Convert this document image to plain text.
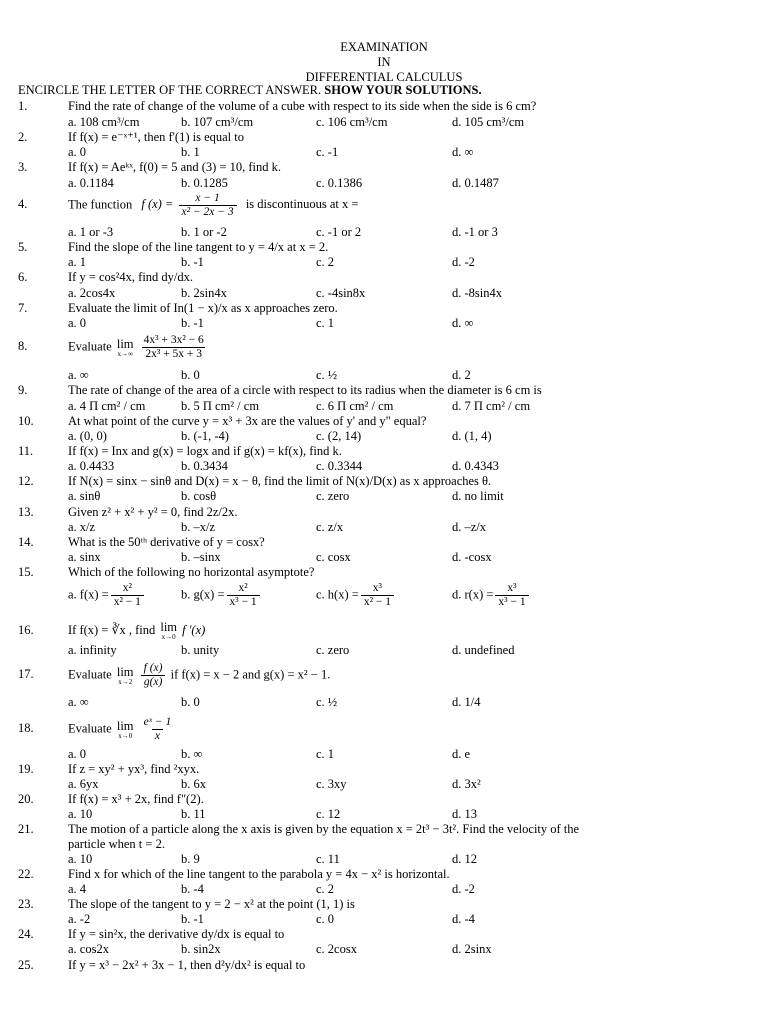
EXAMINATION
IN
DIFFERENTIAL CALCULUS
ENCIRCLE THE LETTER OF THE CORRECT ANSWER. SHOW YOUR SOLUTIONS.
1.	Find the rate of change of the volume of a cube with respect to its side when the side is 6 cm?
a. 108 cm³/cm	b. 107 cm³/cm	c. 106 cm³/cm	d. 105 cm³/cm
2.	If f(x) = e⁻ˣ⁺¹, then f'(1) is equal to
a. 0	b. 1	c. -1	d. ∞
3.	If f(x) = Aeᵏˣ, f(0) = 5 and (3) = 10, find k.
a. 0.1184	b. 0.1285	c. 0.1386	d. 0.1487
4.	The function f $(x) = \frac{x - 1}{\text{x² − 2x − 3}}$ is discontinuous at x =
a. 1 or -3	b. 1 or -2	c. -1 or 2	d. -1 or 3
5.	Find the slope of the line tangent to y = 4/x at x = 2.
a. 1	b. -1	c. 2	d. -2
6.	If y = cos²4x, find dy/dx.
a. 2cos4x	b. 2sin4x	c. -4sin8x	d. -8sin4x
7.	Evaluate the limit of In(1 − x)/x as x approaches zero.
a. 0	b. -1	c. 1	d. ∞
8.	Evaluate lim
x→∞
$\frac{\text{4x³ + 3x² − 6}}{\text{2x³ + 5x + 3}}$
a. ∞	b. 0	c. ½	d. 2
9.	The rate of change of the area of a circle with respect to its radius when the diameter is 6 cm is
a. 4 Π cm² / cm	b. 5 Π cm² / cm	c. 6 Π cm² / cm	d. 7 Π cm² / cm
10.	At what point of the curve y = x³ + 3x are the values of y' and y" equal?
a. (0, 0)	b. (-1, -4)	c. (2, 14)	d. (1, 4)
11.	If f(x) = Inx and g(x) = logx and if g(x) = kf(x), find k.
a. 0.4433	b. 0.3434	c. 0.3344	d. 0.4343
12.	If N(x) = sinx − sinθ and D(x) = x − θ, find the limit of N(x)/D(x) as x approaches θ.
a. sinθ	b. cosθ	c. zero	d. no limit
13.	Given z² + x² + y² = 0, find 2z/2x.
a. x/z	b. –x/z	c. z/x	d. –z/x
14.	What is the 50ᵗʰ derivative of y = cosx?
a. sinx	b. –sinx	c. cosx	d. -cosx
15.	Which of the following no horizontal asymptote?
a. $f(x) = \frac{\text{x²}}{\text{x² − 1}}$	b. $g(x) = \frac{\text{x²}}{\text{x³ − 1}}$	c. $h(x) = \frac{\text{x³}}{\text{x² − 1}}$	d. $r(x) = \frac{\text{x³}}{\text{x³ − 1}}$
16.	If f(x) = ∛x , find lim
x→0
f '(x)
a. infinity	b. unity	c. zero	d. undefined
17.	Evaluate lim
x→2
$\frac{f (x)}{g(x)}$ if f(x) = x − 2 and g(x) = x² − 1.
a. ∞	b. 0	c. ½	d. 1/4
18.	Evaluate lim
x→0
$\frac{\text{eˣ − 1}}{x}$
a. 0	b. ∞	c. 1	d. e
19.	If z = xy² + yx³, find ²xyx.
a. 6yx	b. 6x	c. 3xy	d. 3x²
20.	If f(x) = x³ + 2x, find f"(2).
a. 10	b. 11	c. 12	d. 13
21.	The motion of a particle along the x axis is given by the equation x = 2t³ − 3t². Find the velocity of the
particle when t = 2.
a. 10	b. 9	c. 11	d. 12
22.	Find x for which of the line tangent to the parabola y = 4x − x² is horizontal.
a. 4	b. -4	c. 2	d. -2
23.	The slope of the tangent to y = 2 − x² at the point (1, 1) is
a. -2	b. -1	c. 0	d. -4
24.	If y = sin²x, the derivative dy/dx is equal to
a. cos2x	b. sin2x	c. 2cosx	d. 2sinx
25.	If y = x³ − 2x² + 3x − 1, then d²y/dx² is equal to
